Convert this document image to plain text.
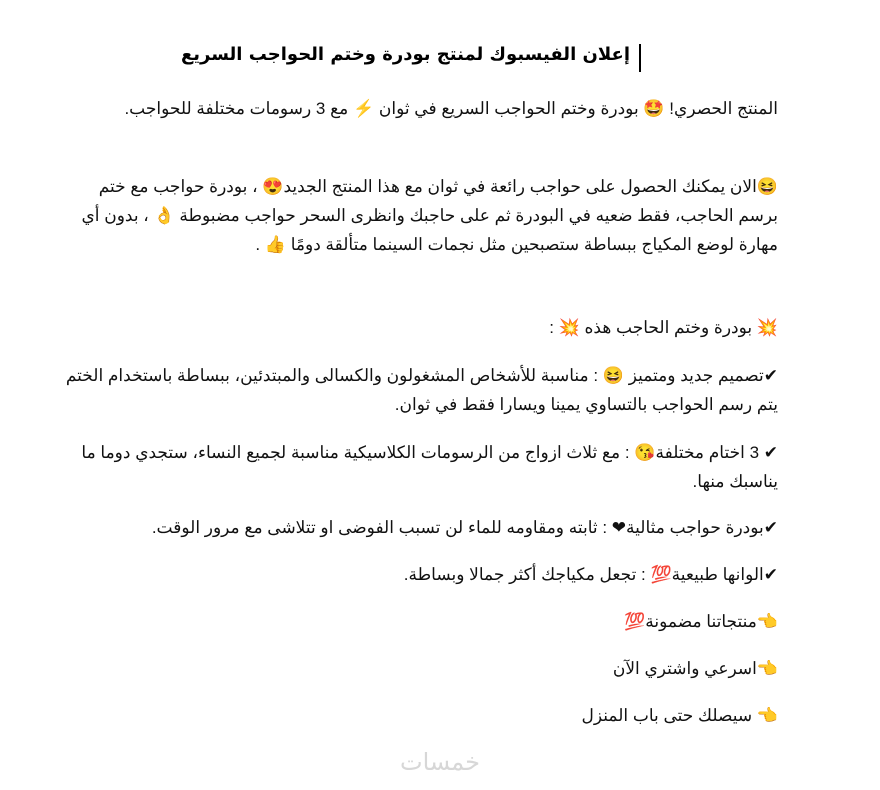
إعلان الفيسبوك لمنتج بودرة وختم الحواجب السريع
المنتج الحصري! 🤩 بودرة وختم الحواجب السريع في ثوان ⚡ مع 3 رسومات مختلفة للحواجب.
😆الان يمكنك الحصول على حواجب رائعة في ثوان مع هذا المنتج الجديد😍 ، بودرة حواجب مع ختم برسم الحاجب، فقط ضعيه في البودرة ثم على حاجبك وانظرى السحر حواجب مضبوطة 👌 ، بدون أي مهارة لوضع المكياج ببساطة ستصبحين مثل نجمات السينما متألقة دومًا 👍 .
💥 بودرة وختم الحاجب هذه 💥 :
✔تصميم جديد ومتميز 😆 : مناسبة للأشخاص المشغولون والكسالى والمبتدئين، ببساطة باستخدام الختم يتم رسم الحواجب بالتساوي يمينا ويسارا فقط في ثوان.
✔ 3 اختام مختلفة😘 : مع ثلاث ازواج من الرسومات الكلاسيكية مناسبة لجميع النساء، ستجدي دوما ما يناسبك منها.
✔بودرة حواجب مثالية❤ : ثابته ومقاومه للماء لن تسبب الفوضى او تتلاشى مع مرور الوقت.
✔الوانها طبيعية💯 : تجعل مكياجك أكثر جمالا وبساطة.
👈منتجاتنا مضمونة💯
👈اسرعي واشتري الآن
👈 سيصلك حتى باب المنزل
خمسات
